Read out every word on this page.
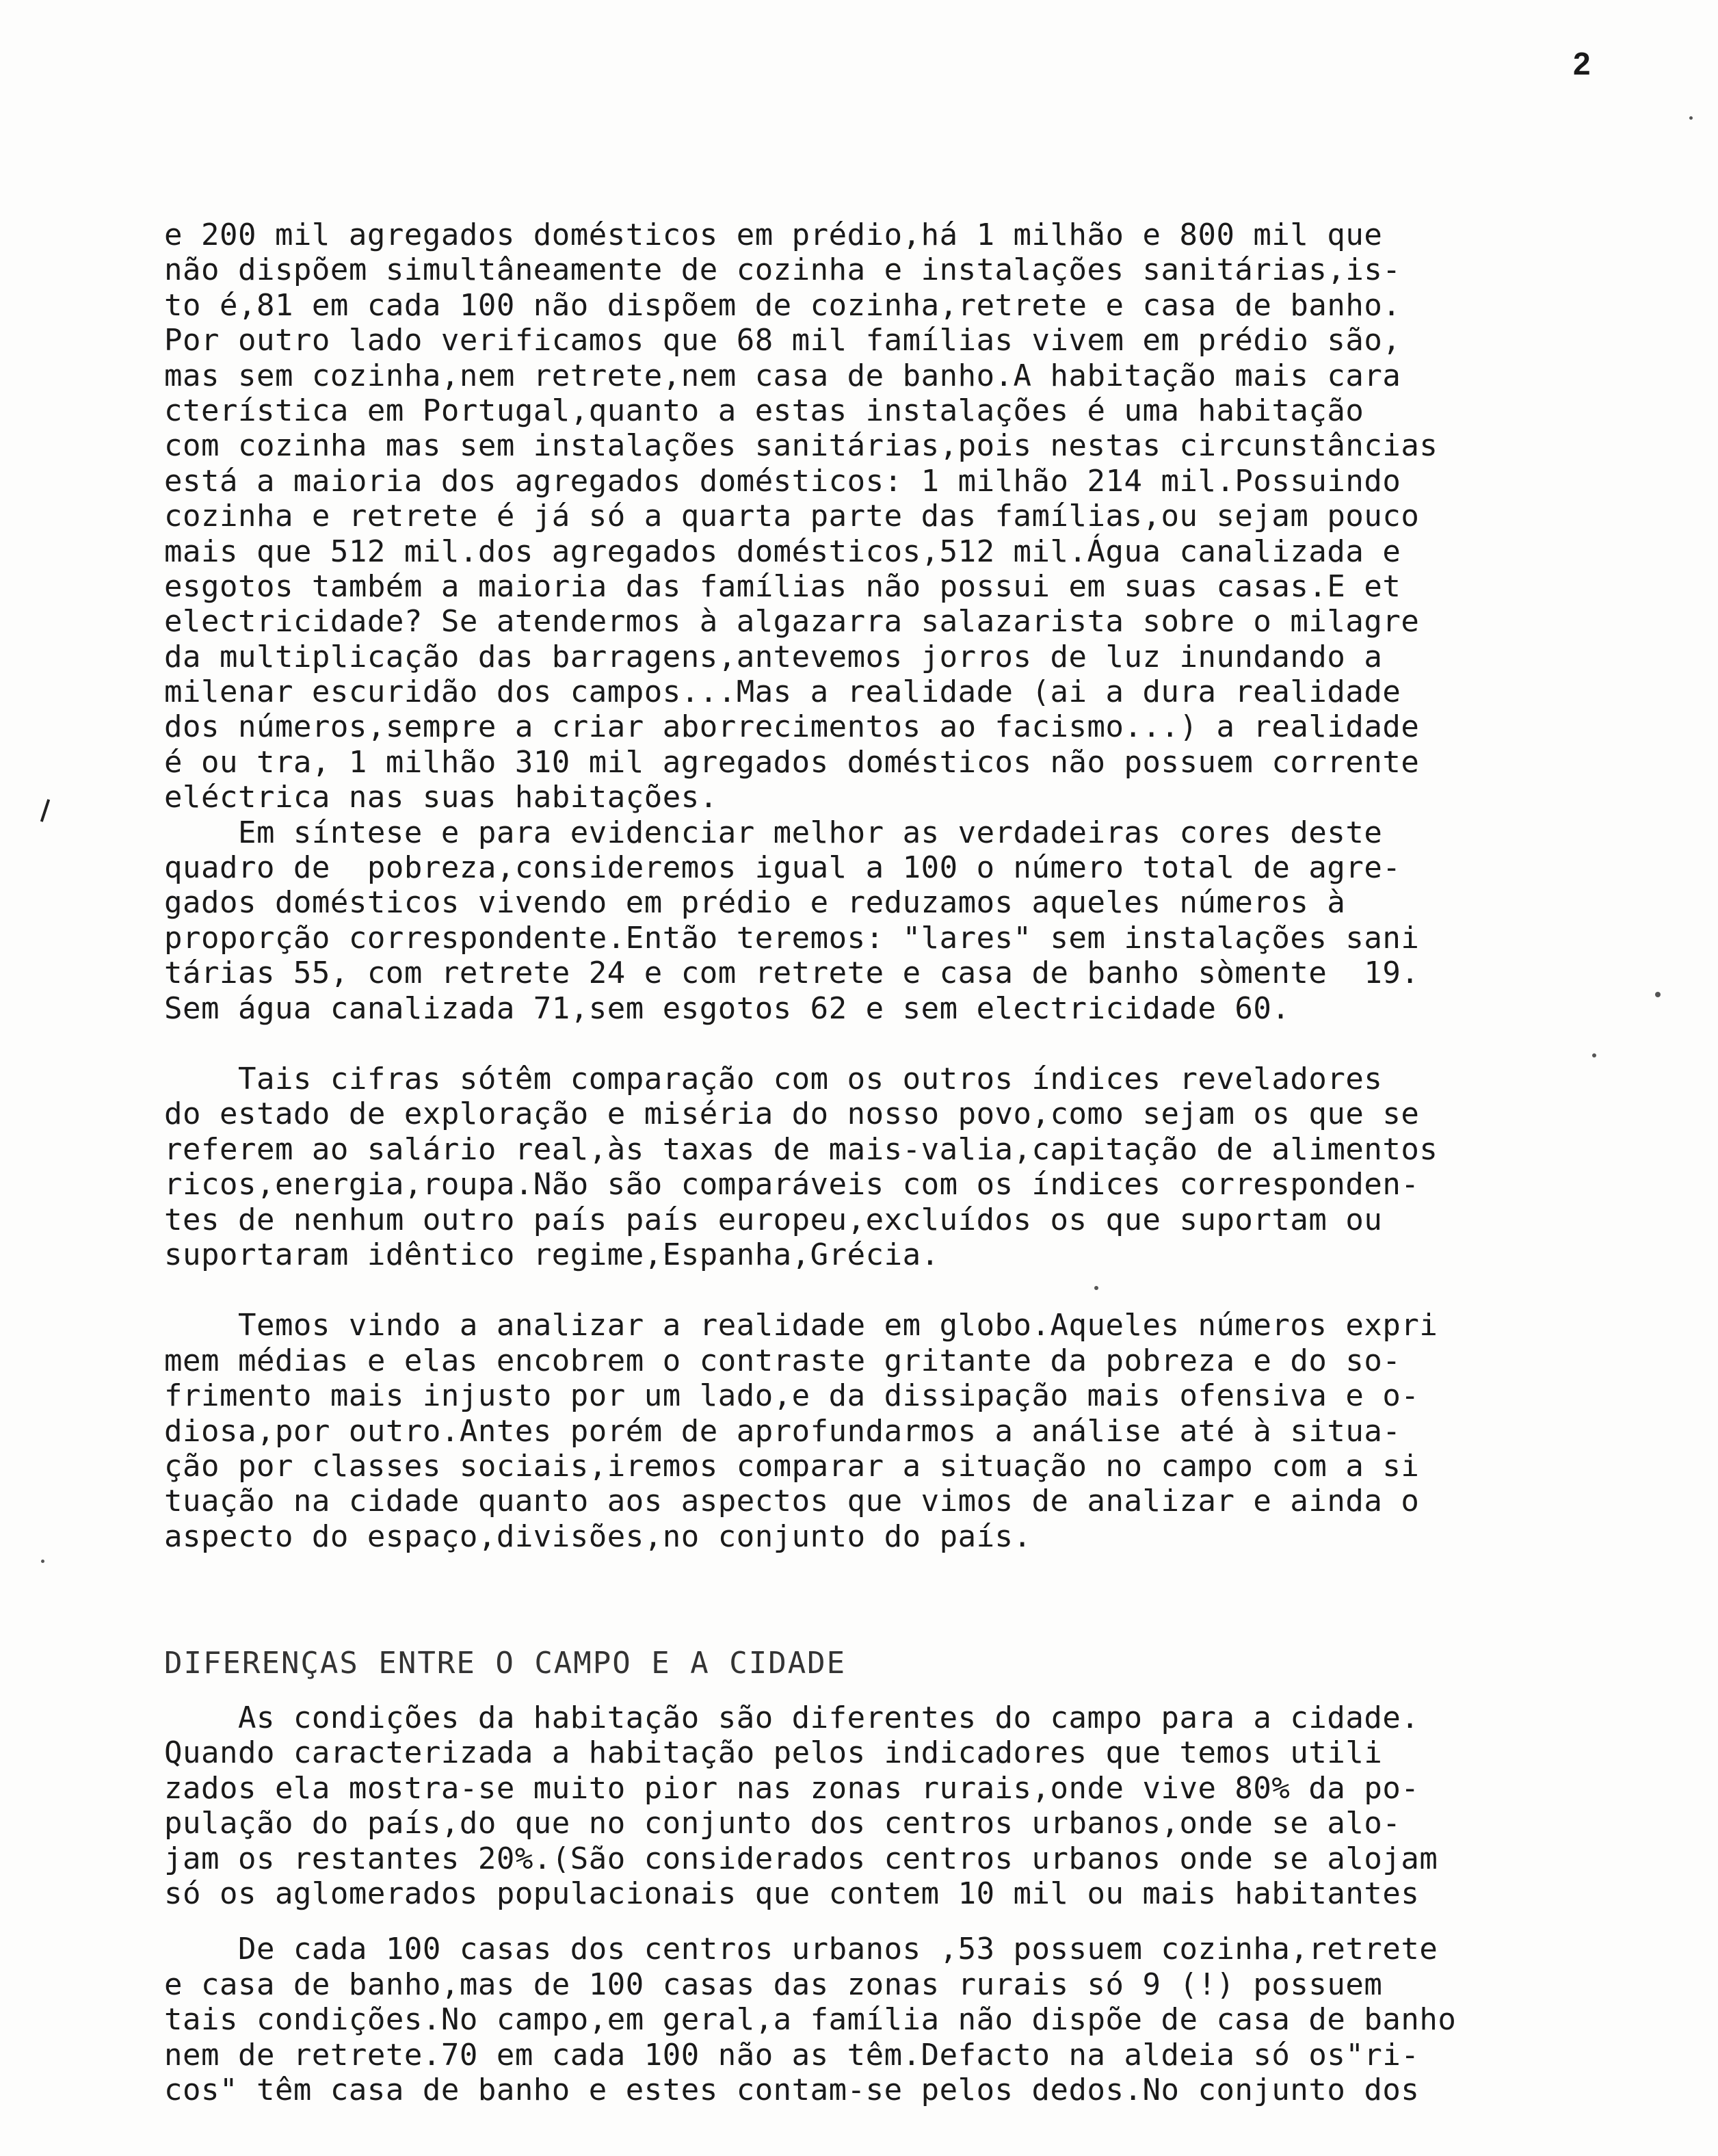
2
e 200 mil agregados domésticos em prédio,há 1 milhão e 800 mil que
não dispõem simultâneamente de cozinha e instalações sanitárias,is-
to é,81 em cada 100 não dispõem de cozinha,retrete e casa de banho.
Por outro lado verificamos que 68 mil famílias vivem em prédio são,
mas sem cozinha,nem retrete,nem casa de banho.A habitação mais cara
cterística em Portugal,quanto a estas instalações é uma habitação
com cozinha mas sem instalações sanitárias,pois nestas circunstâncias
está a maioria dos agregados domésticos: 1 milhão 214 mil.Possuindo
cozinha e retrete é já só a quarta parte das famílias,ou sejam pouco
mais que 512 mil.dos agregados domésticos,512 mil.Água canalizada e
esgotos também a maioria das famílias não possui em suas casas.E et
electricidade? Se atendermos à algazarra salazarista sobre o milagre
da multiplicação das barragens,antevemos jorros de luz inundando a
milenar escuridão dos campos...Mas a realidade (ai a dura realidade
dos números,sempre a criar aborrecimentos ao facismo...) a realidade
é ou tra, 1 milhão 310 mil agregados domésticos não possuem corrente
eléctrica nas suas habitações.
Em síntese e para evidenciar melhor as verdadeiras cores deste
quadro de  pobreza,consideremos igual a 100 o número total de agre-
gados domésticos vivendo em prédio e reduzamos aqueles números à
proporção correspondente.Então teremos: "lares" sem instalações sani
tárias 55, com retrete 24 e com retrete e casa de banho sòmente  19.
Sem água canalizada 71,sem esgotos 62 e sem electricidade 60.
Tais cifras sótêm comparação com os outros índices reveladores
do estado de exploração e miséria do nosso povo,como sejam os que se
referem ao salário real,às taxas de mais-valia,capitação de alimentos
ricos,energia,roupa.Não são comparáveis com os índices corresponden-
tes de nenhum outro país país europeu,excluídos os que suportam ou
suportaram idêntico regime,Espanha,Grécia.
Temos vindo a analizar a realidade em globo.Aqueles números expri
mem médias e elas encobrem o contraste gritante da pobreza e do so-
frimento mais injusto por um lado,e da dissipação mais ofensiva e o-
diosa,por outro.Antes porém de aprofundarmos a análise até à situa-
ção por classes sociais,iremos comparar a situação no campo com a si
tuação na cidade quanto aos aspectos que vimos de analizar e ainda o
aspecto do espaço,divisões,no conjunto do país.
DIFERENÇAS ENTRE O CAMPO E A CIDADE
As condições da habitação são diferentes do campo para a cidade.
Quando caracterizada a habitação pelos indicadores que temos utili
zados ela mostra-se muito pior nas zonas rurais,onde vive 80% da po-
pulação do país,do que no conjunto dos centros urbanos,onde se alo-
jam os restantes 20%.(São considerados centros urbanos onde se alojam
só os aglomerados populacionais que contem 10 mil ou mais habitantes
De cada 100 casas dos centros urbanos ,53 possuem cozinha,retrete
e casa de banho,mas de 100 casas das zonas rurais só 9 (!) possuem
tais condições.No campo,em geral,a família não dispõe de casa de banho
nem de retrete.70 em cada 100 não as têm.Defacto na aldeia só os"ri-
cos" têm casa de banho e estes contam-se pelos dedos.No conjunto dos
